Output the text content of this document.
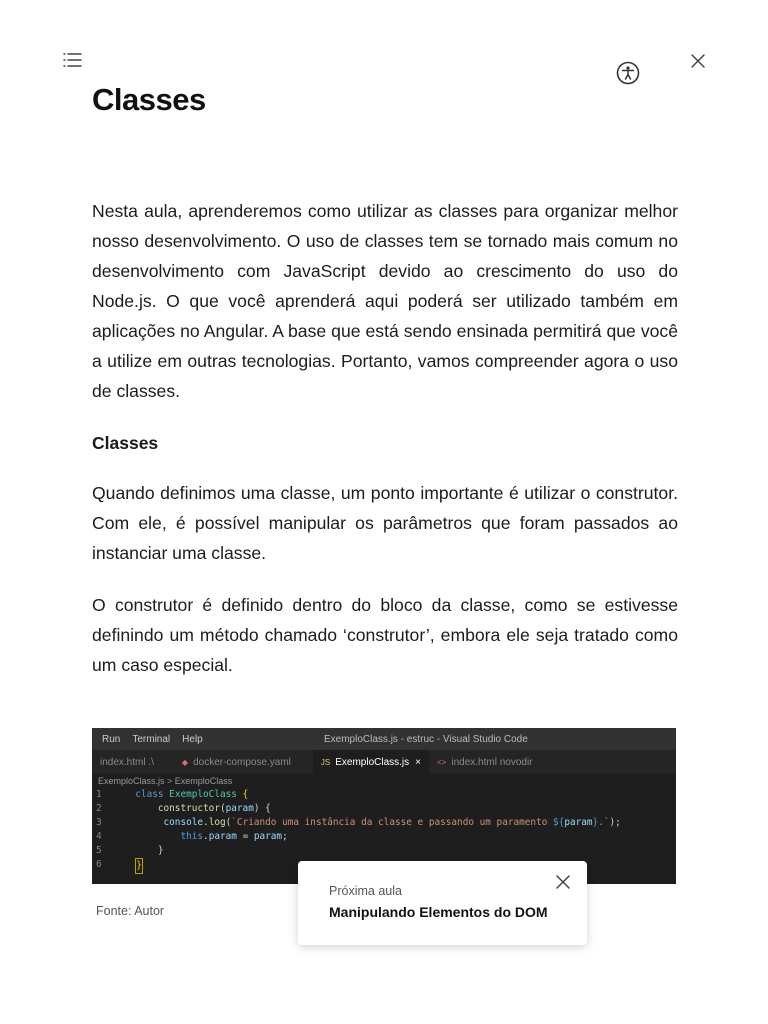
Classes

Nesta aula, aprenderemos como utilizar as classes para organizar melhor nosso desenvolvimento. O uso de classes tem se tornado mais comum no desenvolvimento com JavaScript devido ao crescimento do uso do Node.js. O que você aprenderá aqui poderá ser utilizado também em aplicações no Angular. A base que está sendo ensinada permitirá que você a utilize em outras tecnologias. Portanto, vamos compreender agora o uso de classes.

Classes

Quando definimos uma classe, um ponto importante é utilizar o construtor. Com ele, é possível manipular os parâmetros que foram passados ao instanciar uma classe.

O construtor é definido dentro do bloco da classe, como se estivesse definindo um método chamado ‘construtor’, embora ele seja tratado como um caso especial.

Run Terminal Help	ExemploClass.js - estruc - Visual Studio Code
index.html .\	◆ docker-compose.yaml	JS ExemploClass.js × <> index.html novodir
ExemploClass.js > ExemploClass
1	class ExemploClass {
2	constructor(param) {
3	console.log(`Criando uma instância da classe e passando um paramento ${param}.`);
4	this.param = param;
5	}
6	}
Fonte: Autor
Próxima aula
Manipulando Elementos do DOM
